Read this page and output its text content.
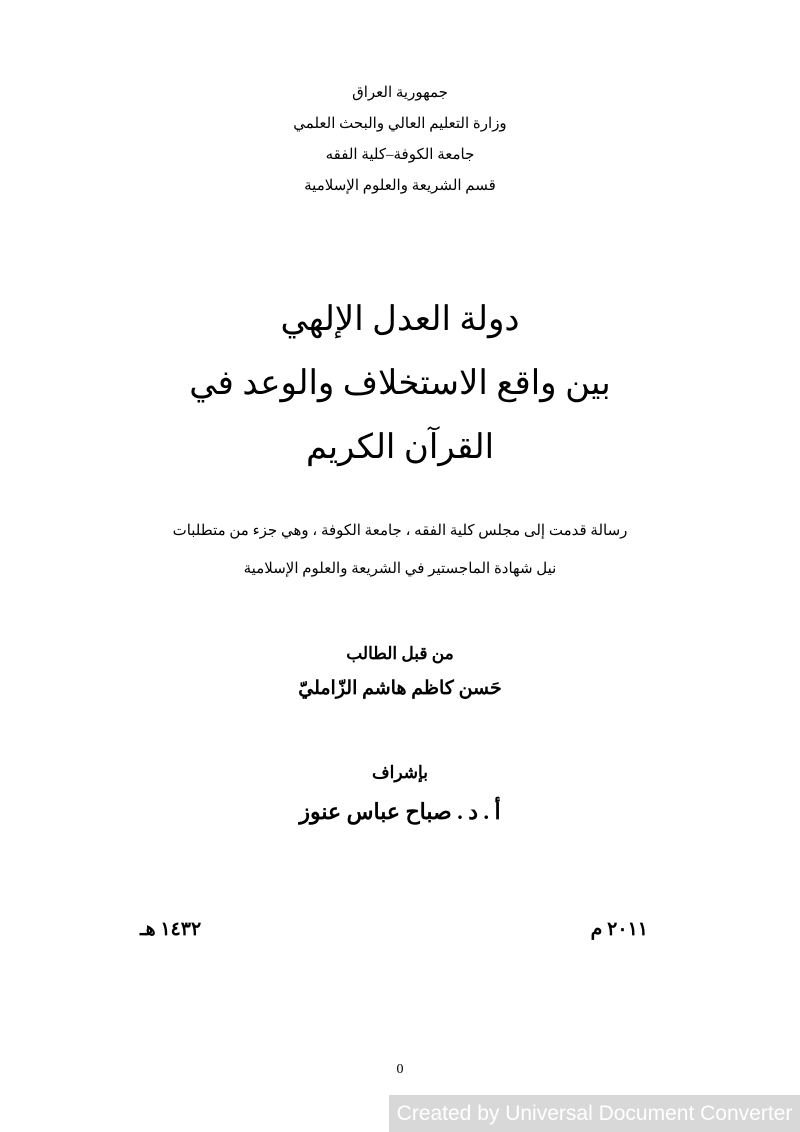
جمهورية العراق
وزارة التعليم العالي والبحث العلمي
جامعة الكوفة–كلية الفقه
قسم الشريعة والعلوم الإسلامية
دولة العدل الإلهي
بين واقع الاستخلاف والوعد في
القرآن الكريم
رسالة قدمت إلى مجلس كلية الفقه ، جامعة الكوفة ، وهي جزء من متطلبات
نيل شهادة الماجستير في الشريعة والعلوم الإسلامية
من قبل الطالب
حَسن كاظم هاشم الزّامليّ
بإشراف
أ . د . صباح عباس عنوز
١٤٣٢ هـ	٢٠١١ م
0
Created by Universal Document Converter
